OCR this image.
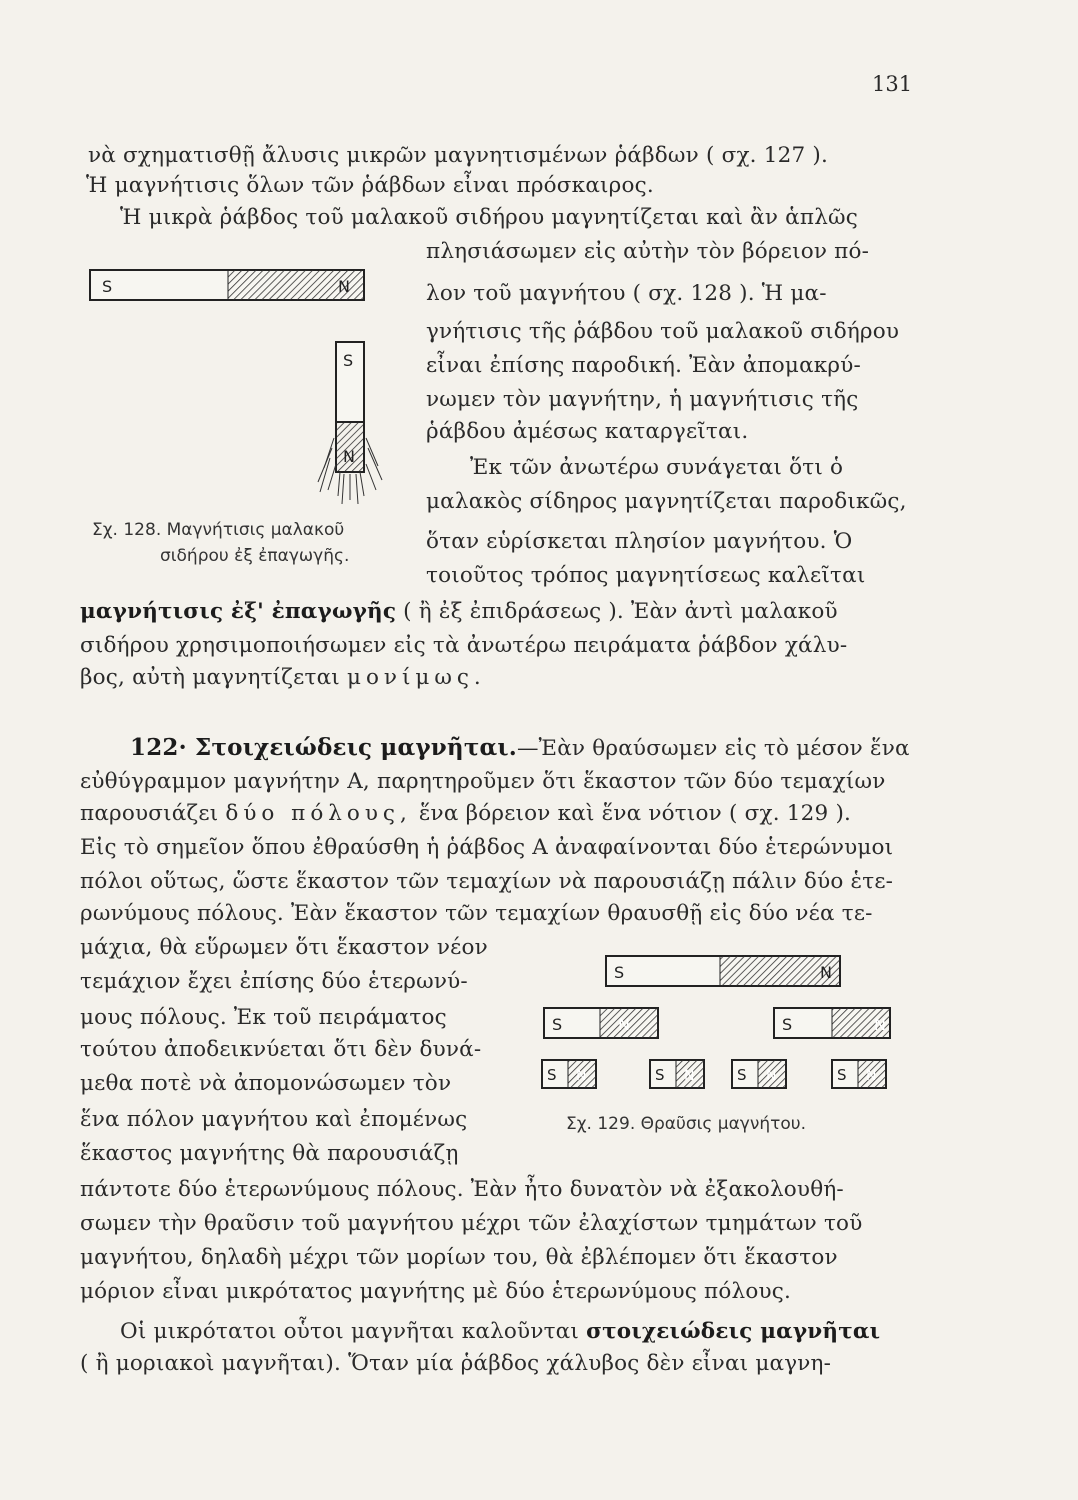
131
νὰ σχηματισθῇ ἄλυσις μικρῶν μαγνητισμένων ῥάβδων ( σχ. 127 ).
Ἡ μαγνήτισις ὅλων τῶν ῥάβδων εἶναι πρόσκαιρος.
Ἡ μικρὰ ῥάβδος τοῦ μαλακοῦ σιδήρου μαγνητίζεται καὶ ἂν ἁπλῶς
πλησιάσωμεν εἰς αὐτὴν τὸν βόρειον πό-
λον τοῦ μαγνήτου ( σχ. 128 ). Ἡ μα-
γνήτισις τῆς ῥάβδου τοῦ μαλακοῦ σιδήρου
εἶναι ἐπίσης παροδική. Ἐὰν ἀπομακρύ-
νωμεν τὸν μαγνήτην, ἡ μαγνήτισις τῆς
ῥάβδου ἀμέσως καταργεῖται.
Ἐκ τῶν ἀνωτέρω συνάγεται ὅτι ὁ
μαλακὸς σίδηρος μαγνητίζεται παροδικῶς,
ὅταν εὑρίσκεται πλησίον μαγνήτου. Ὁ
τοιοῦτος τρόπος μαγνητίσεως καλεῖται
S	N
S
N
Σχ. 128. Μαγνήτισις μαλακοῦ
σιδήρου ἐξ ἐπαγωγῆς.
μαγνήτισις ἐξ' ἐπαγωγῆς ( ἢ ἐξ ἐπιδράσεως ). Ἐὰν ἀντὶ μαλακοῦ
σιδήρου χρησιμοποιήσωμεν εἰς τὰ ἀνωτέρω πειράματα ῥάβδον χάλυ-
βος, αὐτὴ μαγνητίζεται μονίμως.
122· Στοιχειώδεις μαγνῆται.—Ἐὰν θραύσωμεν εἰς τὸ μέσον ἕνα
εὐθύγραμμον μαγνήτην Α, παρητηροῦμεν ὅτι ἕκαστον τῶν δύο τεμαχίων
παρουσιάζει δύο πόλους, ἕνα βόρειον καὶ ἕνα νότιον ( σχ. 129 ).
Εἰς τὸ σημεῖον ὅπου ἐθραύσθη ἡ ῥάβδος Α ἀναφαίνονται δύο ἑτερώνυμοι
πόλοι οὕτως, ὥστε ἕκαστον τῶν τεμαχίων νὰ παρουσιάζῃ πάλιν δύο ἑτε-
ρωνύμους πόλους. Ἐὰν ἕκαστον τῶν τεμαχίων θραυσθῇ εἰς δύο νέα τε-
μάχια, θὰ εὕρωμεν ὅτι ἕκαστον νέον
τεμάχιον ἔχει ἐπίσης δύο ἑτερωνύ-
μους πόλους. Ἐκ τοῦ πειράματος
τούτου ἀποδεικνύεται ὅτι δὲν δυνά-
μεθα ποτὲ νὰ ἀπομονώσωμεν τὸν
ἕνα πόλον μαγνήτου καὶ ἐπομένως
ἕκαστος μαγνήτης θὰ παρουσιάζῃ
S	N
S	N	S	N
S N	S N	S N	S N
Σχ. 129. Θραῦσις μαγνήτου.
πάντοτε δύο ἑτερωνύμους πόλους. Ἐὰν ἦτο δυνατὸν νὰ ἐξακολουθή-
σωμεν τὴν θραῦσιν τοῦ μαγνήτου μέχρι τῶν ἐλαχίστων τμημάτων τοῦ
μαγνήτου, δηλαδὴ μέχρι τῶν μορίων του, θὰ ἐβλέπομεν ὅτι ἕκαστον
μόριον εἶναι μικρότατος μαγνήτης μὲ δύο ἑτερωνύμους πόλους.
Οἱ μικρότατοι οὗτοι μαγνῆται καλοῦνται στοιχειώδεις μαγνῆται
( ἢ μοριακοὶ μαγνῆται). Ὅταν μία ῥάβδος χάλυβος δὲν εἶναι μαγνη-
